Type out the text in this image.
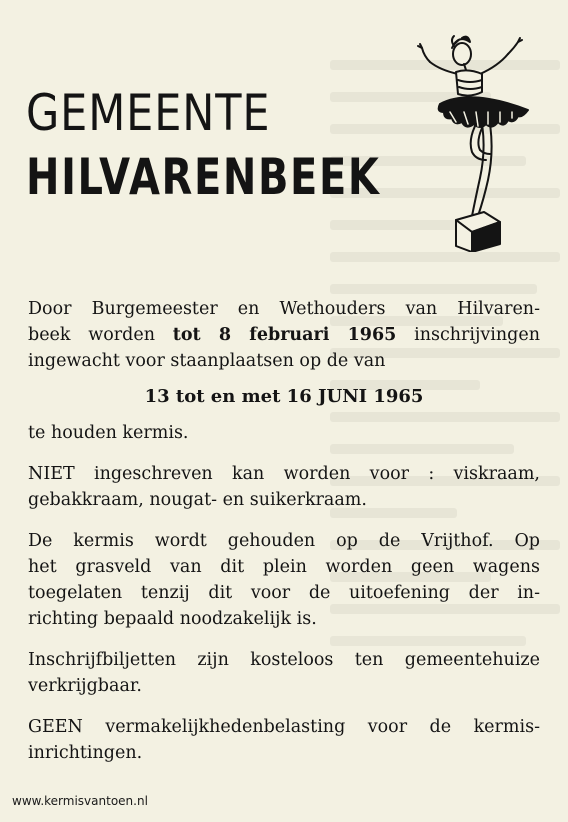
GEMEENTE
HILVARENBEEK
Door Burgemeester en Wethouders van Hilvaren-
beek worden tot 8 februari 1965 inschrijvingen
ingewacht voor staanplaatsen op de van
13 tot en met 16 JUNI 1965
te houden kermis.
NIET ingeschreven kan worden voor : viskraam,
gebakkraam, nougat- en suikerkraam.
De kermis wordt gehouden op de Vrijthof. Op
het grasveld van dit plein worden geen wagens
toegelaten tenzij dit voor de uitoefening der in-
richting bepaald noodzakelijk is.
Inschrijfbiljetten zijn kosteloos ten gemeentehuize
verkrijgbaar.
GEEN vermakelijkhedenbelasting voor de kermis-
inrichtingen.
www.kermisvantoen.nl
